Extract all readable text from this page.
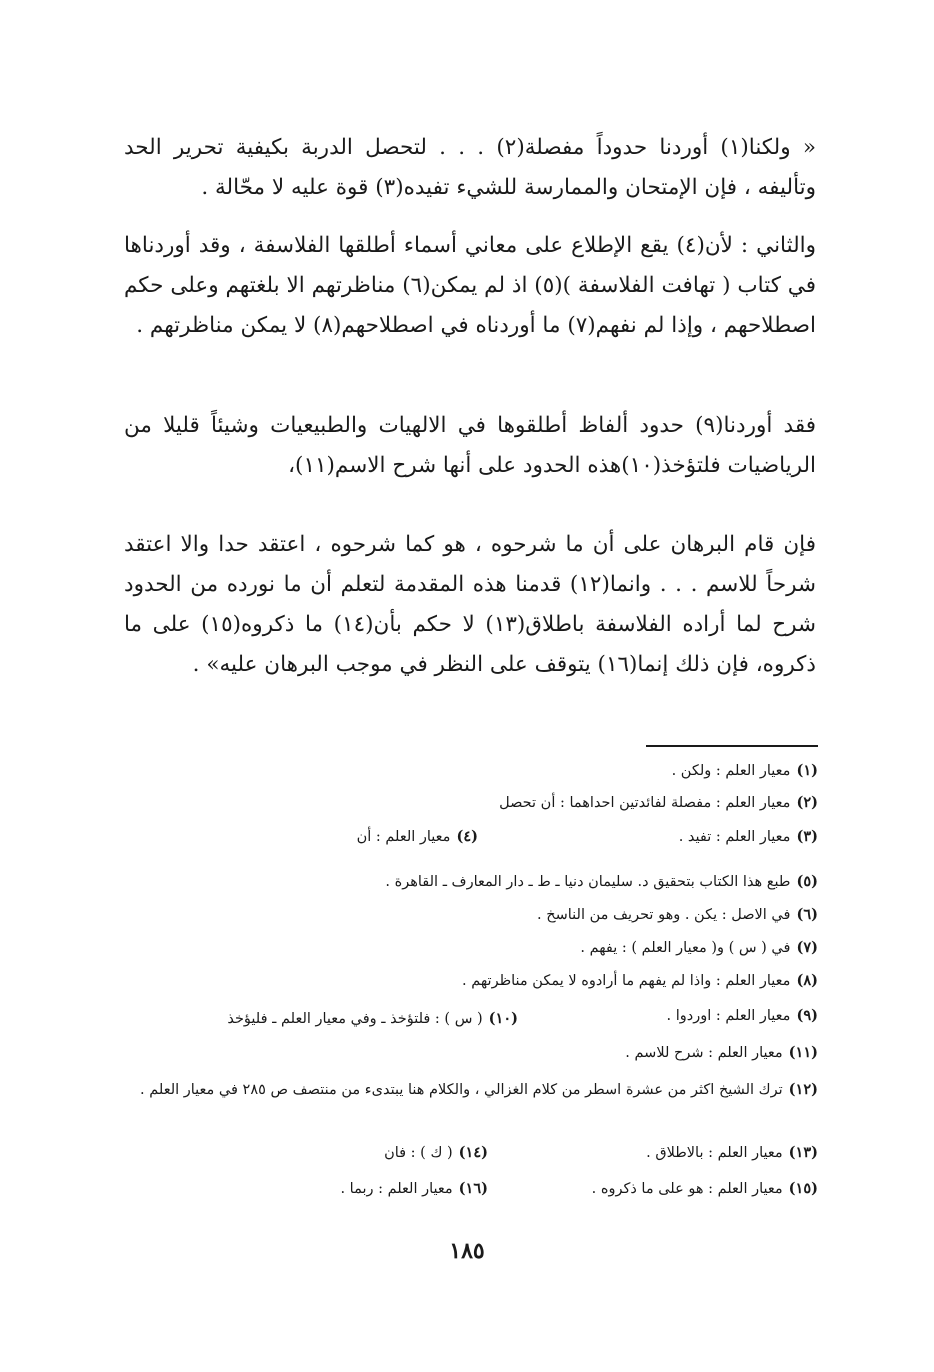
« ولكنا(١) أوردنا حدوداً مفصلة(٢) . . . لتحصل الدربة بكيفية تحرير الحد وتأليفه ، فإن الإمتحان والممارسة للشيء تفيده(٣) قوة عليه لا محّالة .

والثاني : لأن(٤) يقع الإطلاع على معاني أسماء أطلقها الفلاسفة ، وقد أوردناها في كتاب ( تهافت الفلاسفة )(٥) اذ لم يمكن(٦) مناظرتهم الا بلغتهم وعلى حكم اصطلاحهم ، وإذا لم نفهم(٧) ما أوردناه في اصطلاحهم(٨) لا يمكن مناظرتهم .

فقد أوردنا(٩) حدود ألفاظ أطلقوها في الالهيات والطبيعيات وشيئاً قليلا من الرياضيات فلتؤخذ(١٠)هذه الحدود على أنها شرح الاسم(١١)،

فإن قام البرهان على أن ما شرحوه ، هو كما شرحوه ، اعتقد حدا والا اعتقد شرحاً للاسم . . . وانما(١٢) قدمنا هذه المقدمة لتعلم أن ما نورده من الحدود شرح لما أراده الفلاسفة باطلاق(١٣) لا حكم بأن(١٤) ما ذكروه(١٥) على ما ذكروه، فإن ذلك إنما(١٦) يتوقف على النظر في موجب البرهان عليه» .

(١)معيار العلم : ولكن .
(٢)معيار العلم : مفصلة لفائدتين احداهما : أن تحصل
(٣)معيار العلم : تفيد .
(٤)معيار العلم : أن
(٥)طبع هذا الكتاب بتحقيق د. سليمان دنيا ـ ط ـ دار المعارف ـ القاهرة .
(٦)في الاصل : يكن . وهو تحريف من الناسخ .
(٧)في ( س ) و( معيار العلم ) : يفهم .
(٨)معيار العلم : واذا لم يفهم ما أرادوه لا يمكن مناظرتهم .
(٩)معيار العلم : اوردوا .
(١٠)( س ) : فلتؤخذ ـ وفي معيار العلم ـ فليؤخذ
(١١)معيار العلم : شرح للاسم .
(١٢)ترك الشيخ اكثر من عشرة اسطر من كلام الغزالي ، والكلام هنا يبتدىء من منتصف ص ٢٨٥ في معيار العلم .
(١٣)معيار العلم : بالاطلاق .
(١٤)( ك ) : فان
(١٥)معيار العلم : هو على ما ذكروه .
(١٦)معيار العلم : ربما .
١٨٥
